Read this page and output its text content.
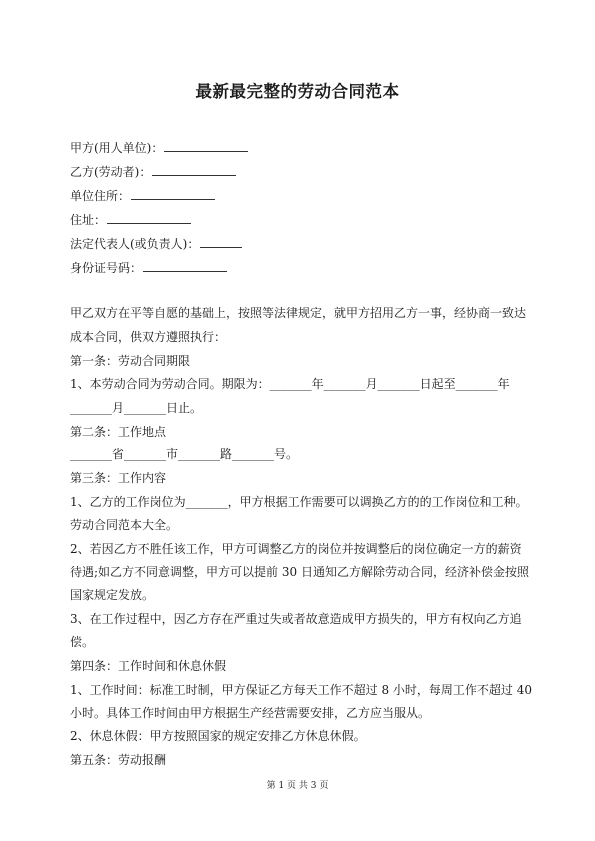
最新最完整的劳动合同范本
甲方(用人单位)：
乙方(劳动者)：
单位住所：
住址：
法定代表人(或负责人)：
身份证号码：
甲乙双方在平等自愿的基础上，按照等法律规定，就甲方招用乙方一事，经协商一致达
成本合同，供双方遵照执行：
第一条：劳动合同期限
1、本劳动合同为劳动合同。期限为：_______年_______月_______日起至_______年
_______月_______日止。
第二条：工作地点
_______省_______市_______路_______号。
第三条：工作内容
1、乙方的工作岗位为_______，甲方根据工作需要可以调换乙方的的工作岗位和工种。
劳动合同范本大全。
2、若因乙方不胜任该工作，甲方可调整乙方的岗位并按调整后的岗位确定一方的薪资
待遇;如乙方不同意调整，甲方可以提前 30 日通知乙方解除劳动合同，经济补偿金按照
国家规定发放。
3、在工作过程中，因乙方存在严重过失或者故意造成甲方损失的，甲方有权向乙方追
偿。
第四条：工作时间和休息休假
1、工作时间：标准工时制，甲方保证乙方每天工作不超过 8 小时，每周工作不超过 40
小时。具体工作时间由甲方根据生产经营需要安排，乙方应当服从。
2、休息休假：甲方按照国家的规定安排乙方休息休假。
第五条：劳动报酬
第 1 页 共 3 页
